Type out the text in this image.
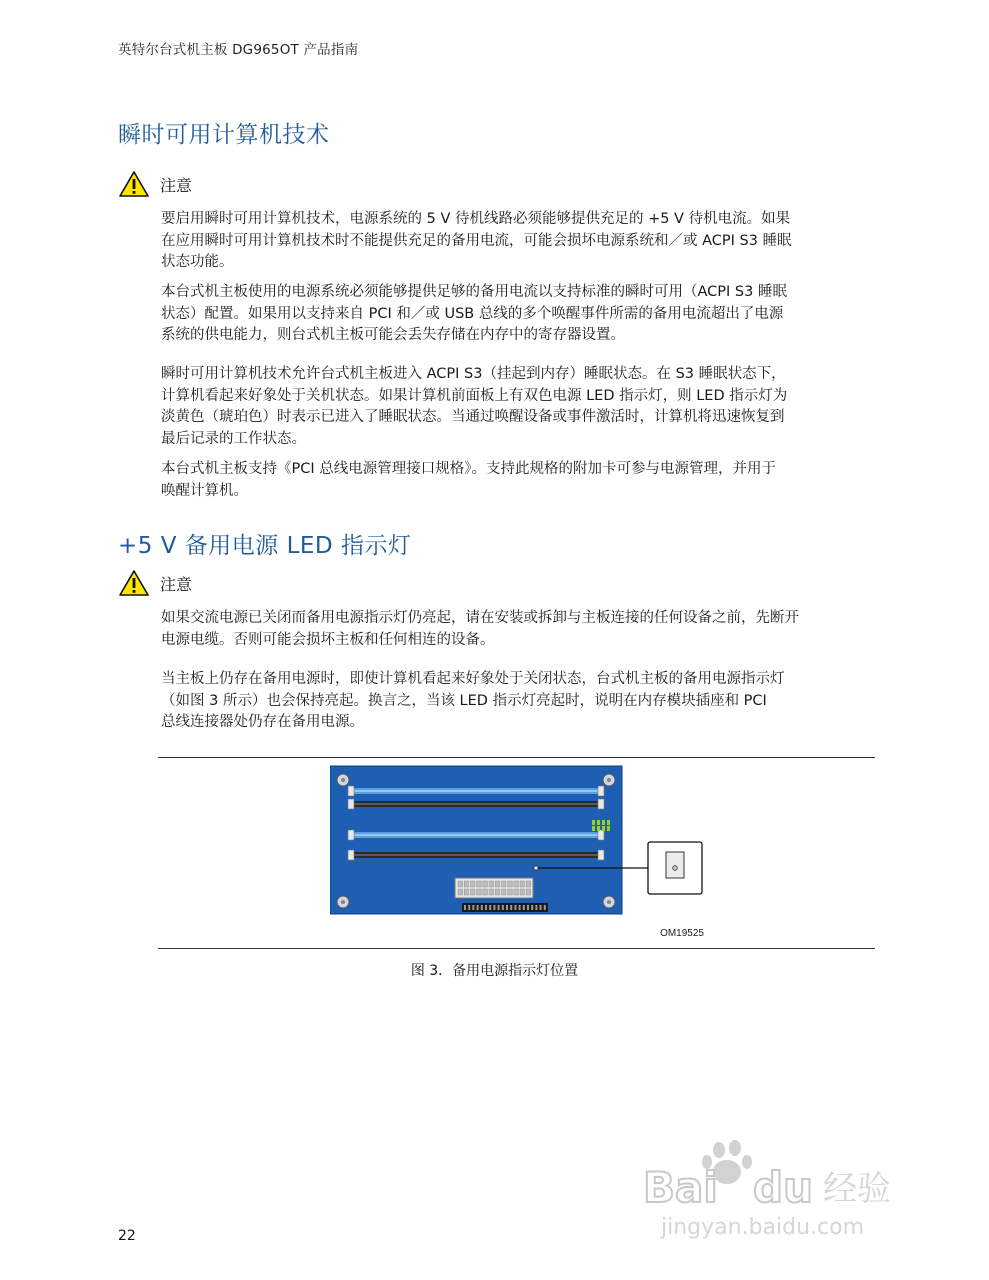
英特尔台式机主板 DG965OT 产品指南
瞬时可用计算机技术
注意
要启用瞬时可用计算机技术，电源系统的 5 V 待机线路必须能够提供充足的 +5 V 待机电流。如果
在应用瞬时可用计算机技术时不能提供充足的备用电流，可能会损坏电源系统和／或 ACPI S3 睡眠
状态功能。
本台式机主板使用的电源系统必须能够提供足够的备用电流以支持标准的瞬时可用（ACPI S3 睡眠
状态）配置。如果用以支持来自 PCI 和／或 USB 总线的多个唤醒事件所需的备用电流超出了电源
系统的供电能力，则台式机主板可能会丢失存储在内存中的寄存器设置。
瞬时可用计算机技术允许台式机主板进入 ACPI S3（挂起到内存）睡眠状态。在 S3 睡眠状态下，
计算机看起来好象处于关机状态。如果计算机前面板上有双色电源 LED 指示灯，则 LED 指示灯为
淡黄色（琥珀色）时表示已进入了睡眠状态。当通过唤醒设备或事件激活时，计算机将迅速恢复到
最后记录的工作状态。
本台式机主板支持《PCI 总线电源管理接口规格》。支持此规格的附加卡可参与电源管理，并用于
唤醒计算机。
+5 V 备用电源 LED 指示灯
注意
如果交流电源已关闭而备用电源指示灯仍亮起，请在安装或拆卸与主板连接的任何设备之前，先断开
电源电缆。否则可能会损坏主板和任何相连的设备。
当主板上仍存在备用电源时，即使计算机看起来好象处于关闭状态，台式机主板的备用电源指示灯
（如图 3 所示）也会保持亮起。换言之，当该 LED 指示灯亮起时，说明在内存模块插座和 PCI
总线连接器处仍存在备用电源。
OM19525
图 3．备用电源指示灯位置
22
Bai du 经验
jingyan.baidu.com
